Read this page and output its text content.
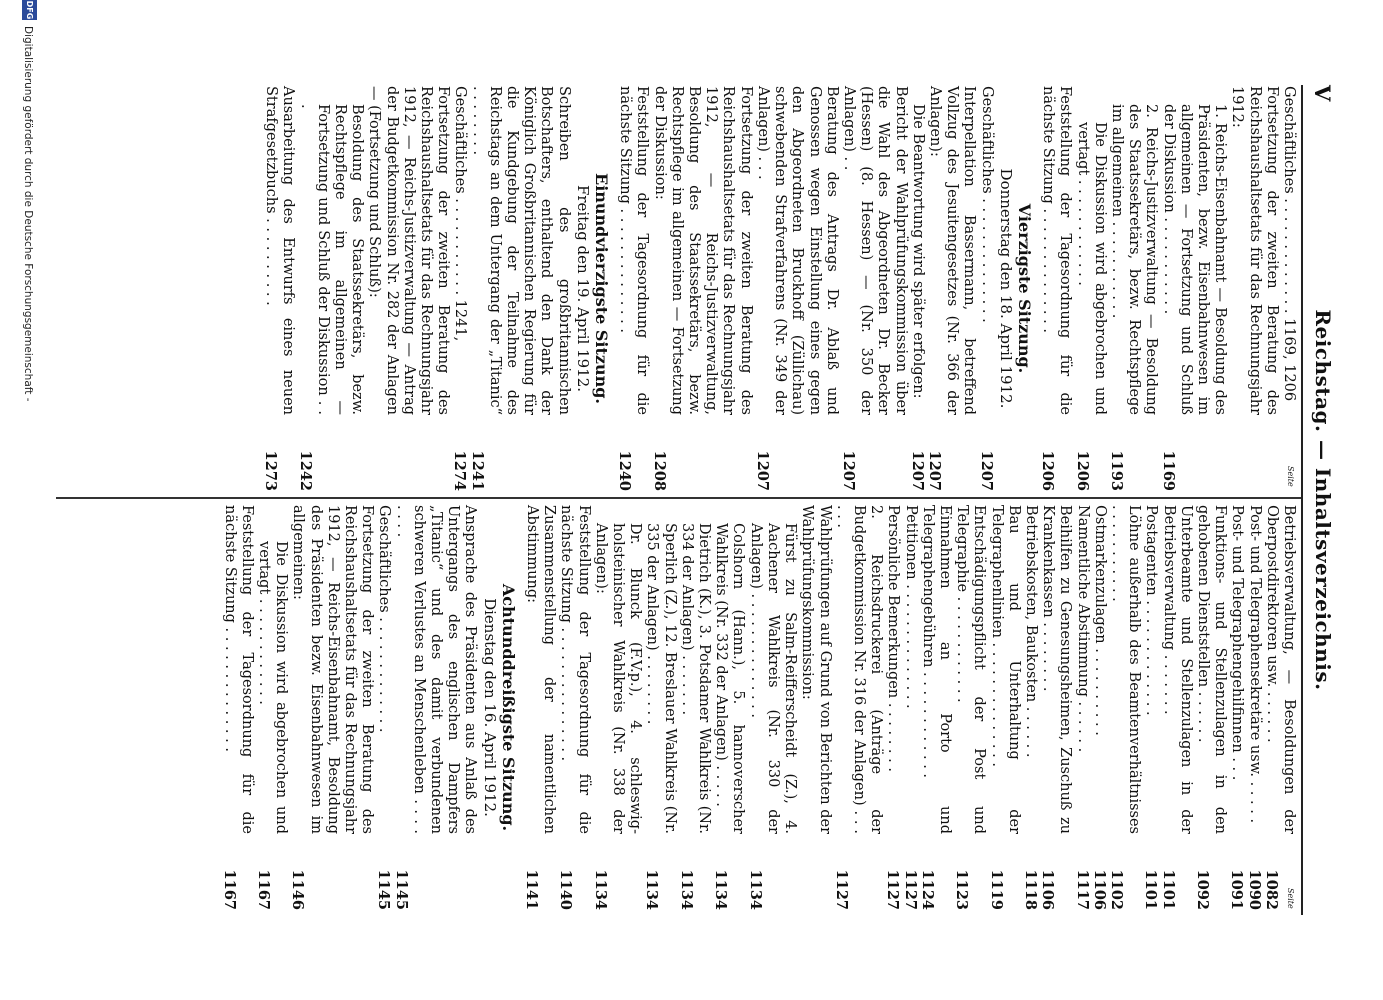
DFG
Digitalisierung gefördert durch die Deutsche Forschungsgemeinschaft -	V
Reichstag. — Inhaltsverzeichnis.
Seite
Seite
Geschäftliches . . . . . . . . . . . . . 1169, 1206
Fortsetzung der zweiten Beratung des Reichshaushaltsetats für das Rechnungsjahr 1912:
1. Reichs-Eisenbahnamt — Besoldung des Präsidenten, bezw. Eisenbahnwesen im allgemeinen — Fortsetzung und Schluß der Diskussion . . . . . . . . . . .
1169
2. Reichs-Justizverwaltung — Besoldung des Staatssekretärs, bezw. Rechtspflege im allgemeinen . . . . . . . . . . .
1193
Die Diskussion wird abgebrochen und vertagt . . . . . . . . . . . .
1206
Feststellung der Tagesordnung für die nächste Sitzung . . . . . . . . . . . . . .
1206
Vierzigste Sitzung.
Donnerstag den 18. April 1912.
Geschäftliches . . . . . . . . . . . . . .
1207
Interpellation Bassermann, betreffend Vollzug des Jesuitengesetzes (Nr. 366 der Anlagen):
1207
Die Beantwortung wird später erfolgen:
1207
Bericht der Wahlprüfungskommission über die Wahl des Abgeordneten Dr. Becker (Hessen) (8. Hessen) — (Nr. 350 der Anlagen) . .
1207
Beratung des Antrags Dr. Ablaß und Genossen wegen Einstellung eines gegen den Abgeordneten Bruckhoff (Züllichau) schwebenden Strafverfahrens (Nr. 349 der Anlagen) . . .
1207
Fortsetzung der zweiten Beratung des Reichshaushaltsetats für das Rechnungsjahr 1912, — Reichs-Justizverwaltung, Besoldung des Staatssekretärs, bezw. Rechtspflege im allgemeinen — Fortsetzung der Diskussion:
1208
Feststellung der Tagesordnung für die nächste Sitzung . . . . . . . . . . . . . .
1240
Einundvierzigste Sitzung.
Freitag den 19. April 1912.
Schreiben des großbritannischen Botschafters, enthaltend den Dank der Königlich Großbritannischen Regierung für die Kundgebung der Teilnahme des Reichstags an dem Untergang der „Titanic“ . . . . . . . .
1241
Geschäftliches . . . . . . . . . . . 1241,
1274
Fortsetzung der zweiten Beratung des Reichshaushaltsetats für das Rechnungsjahr 1912, — Reichs-Justizverwaltung — Antrag der Budgetkommission Nr. 282 der Anlagen — (Fortsetzung und Schluß):
Besoldung des Staatssekretärs, bezw. Rechtspflege im allgemeinen — Fortsetzung und Schluß der Diskussion . . .
1242
Ausarbeitung des Entwurfs eines neuen Strafgesetzbuchs . . . . . . . . . .
1273
Betriebsverwaltung, — Besoldungen der Oberpostdirektoren usw. . . . . . .
1082
Post- und Telegraphensekretäre usw. . . . . .
1090
Post- und Telegraphengehilfinnen . . .
1091
Funktions- und Stellenzulagen in den gehobenen Dienststellen . . . . . .
1092
Unterbeamte und Stellenzulagen in der Betriebsverwaltung . . . . . . .
1101
Postagenten . . . . . . . . . . . . .
1101
Löhne außerhalb des Beamtenverhältnisses . . . . . . . . . . .
1102
Ostmarkenzulagen . . . . . . . . . .
1106
Namentliche Abstimmung . . . . . .
1117
Beihilfen zu Genesungsheimen, Zuschuß zu Krankenkassen . . . . . . . .
1106
Betriebskosten, Baukosten . . . . . .
1118
Bau und Unterhaltung der Telegraphenlinien . . . . . . . . . . . . . .
1119
Entschädigungspflicht der Post und Telegraphie . . . . . . . . . . . .
1123
Einnahmen an Porto und Telegraphengebühren . . . . . . . . . . . .
1124
Petitionen . . . . . . . . . . . . . .
1127
Persönliche Bemerkungen . . . . . . . .
1127
2. Reichsdruckerei (Anträge der Budgetkommission Nr. 316 der Anlagen) . . . . . .
1127
Wahlprüfungen auf Grund von Berichten der Wahlprüfungskommission:
Fürst zu Salm-Reifferscheidt (Z.), 4. Aachener Wahlkreis (Nr. 330 der Anlagen) . . . . . . . . . . . . . .
1134
Colshorn (Hann.), 5. hannoverscher Wahlkreis (Nr. 332 der Anlagen) . . . . .
1134
Dietrich (K.), 3. Potsdamer Wahlkreis (Nr. 334 der Anlagen) . . . . . . .
1134
Sperlich (Z.), 12. Breslauer Wahlkreis (Nr. 335 der Anlagen) . . . . . . . .
1134
Dr. Blunck (F.V.p.), 4. schleswig-holsteinischer Wahlkreis (Nr. 338 der Anlagen):
1134
Feststellung der Tagesordnung für die nächste Sitzung . . . . . . . . . . . . . . .
1140
Zusammenstellung der namentlichen Abstimmung:
1141
Achtunddreißigste Sitzung.
Dienstag den 16. April 1912.
Ansprache des Präsidenten aus Anlaß des Untergangs des englischen Dampfers „Titanic“ und des damit verbundenen schweren Verlustes an Menschenleben . . . . . . . .
1145
Geschäftliches . . . . . . . . . . . . .
1145
Fortsetzung der zweiten Beratung des Reichshaushaltsetats für das Rechnungsjahr 1912, — Reichs-Eisenbahnamt, Besoldung des Präsidenten bezw. Eisenbahnwesen im allgemeinen:
1146
Die Diskussion wird abgebrochen und vertagt . . . . . . . . . . . .
1167
Feststellung der Tagesordnung für die nächste Sitzung . . . . . . . . . . . . . .
1167
